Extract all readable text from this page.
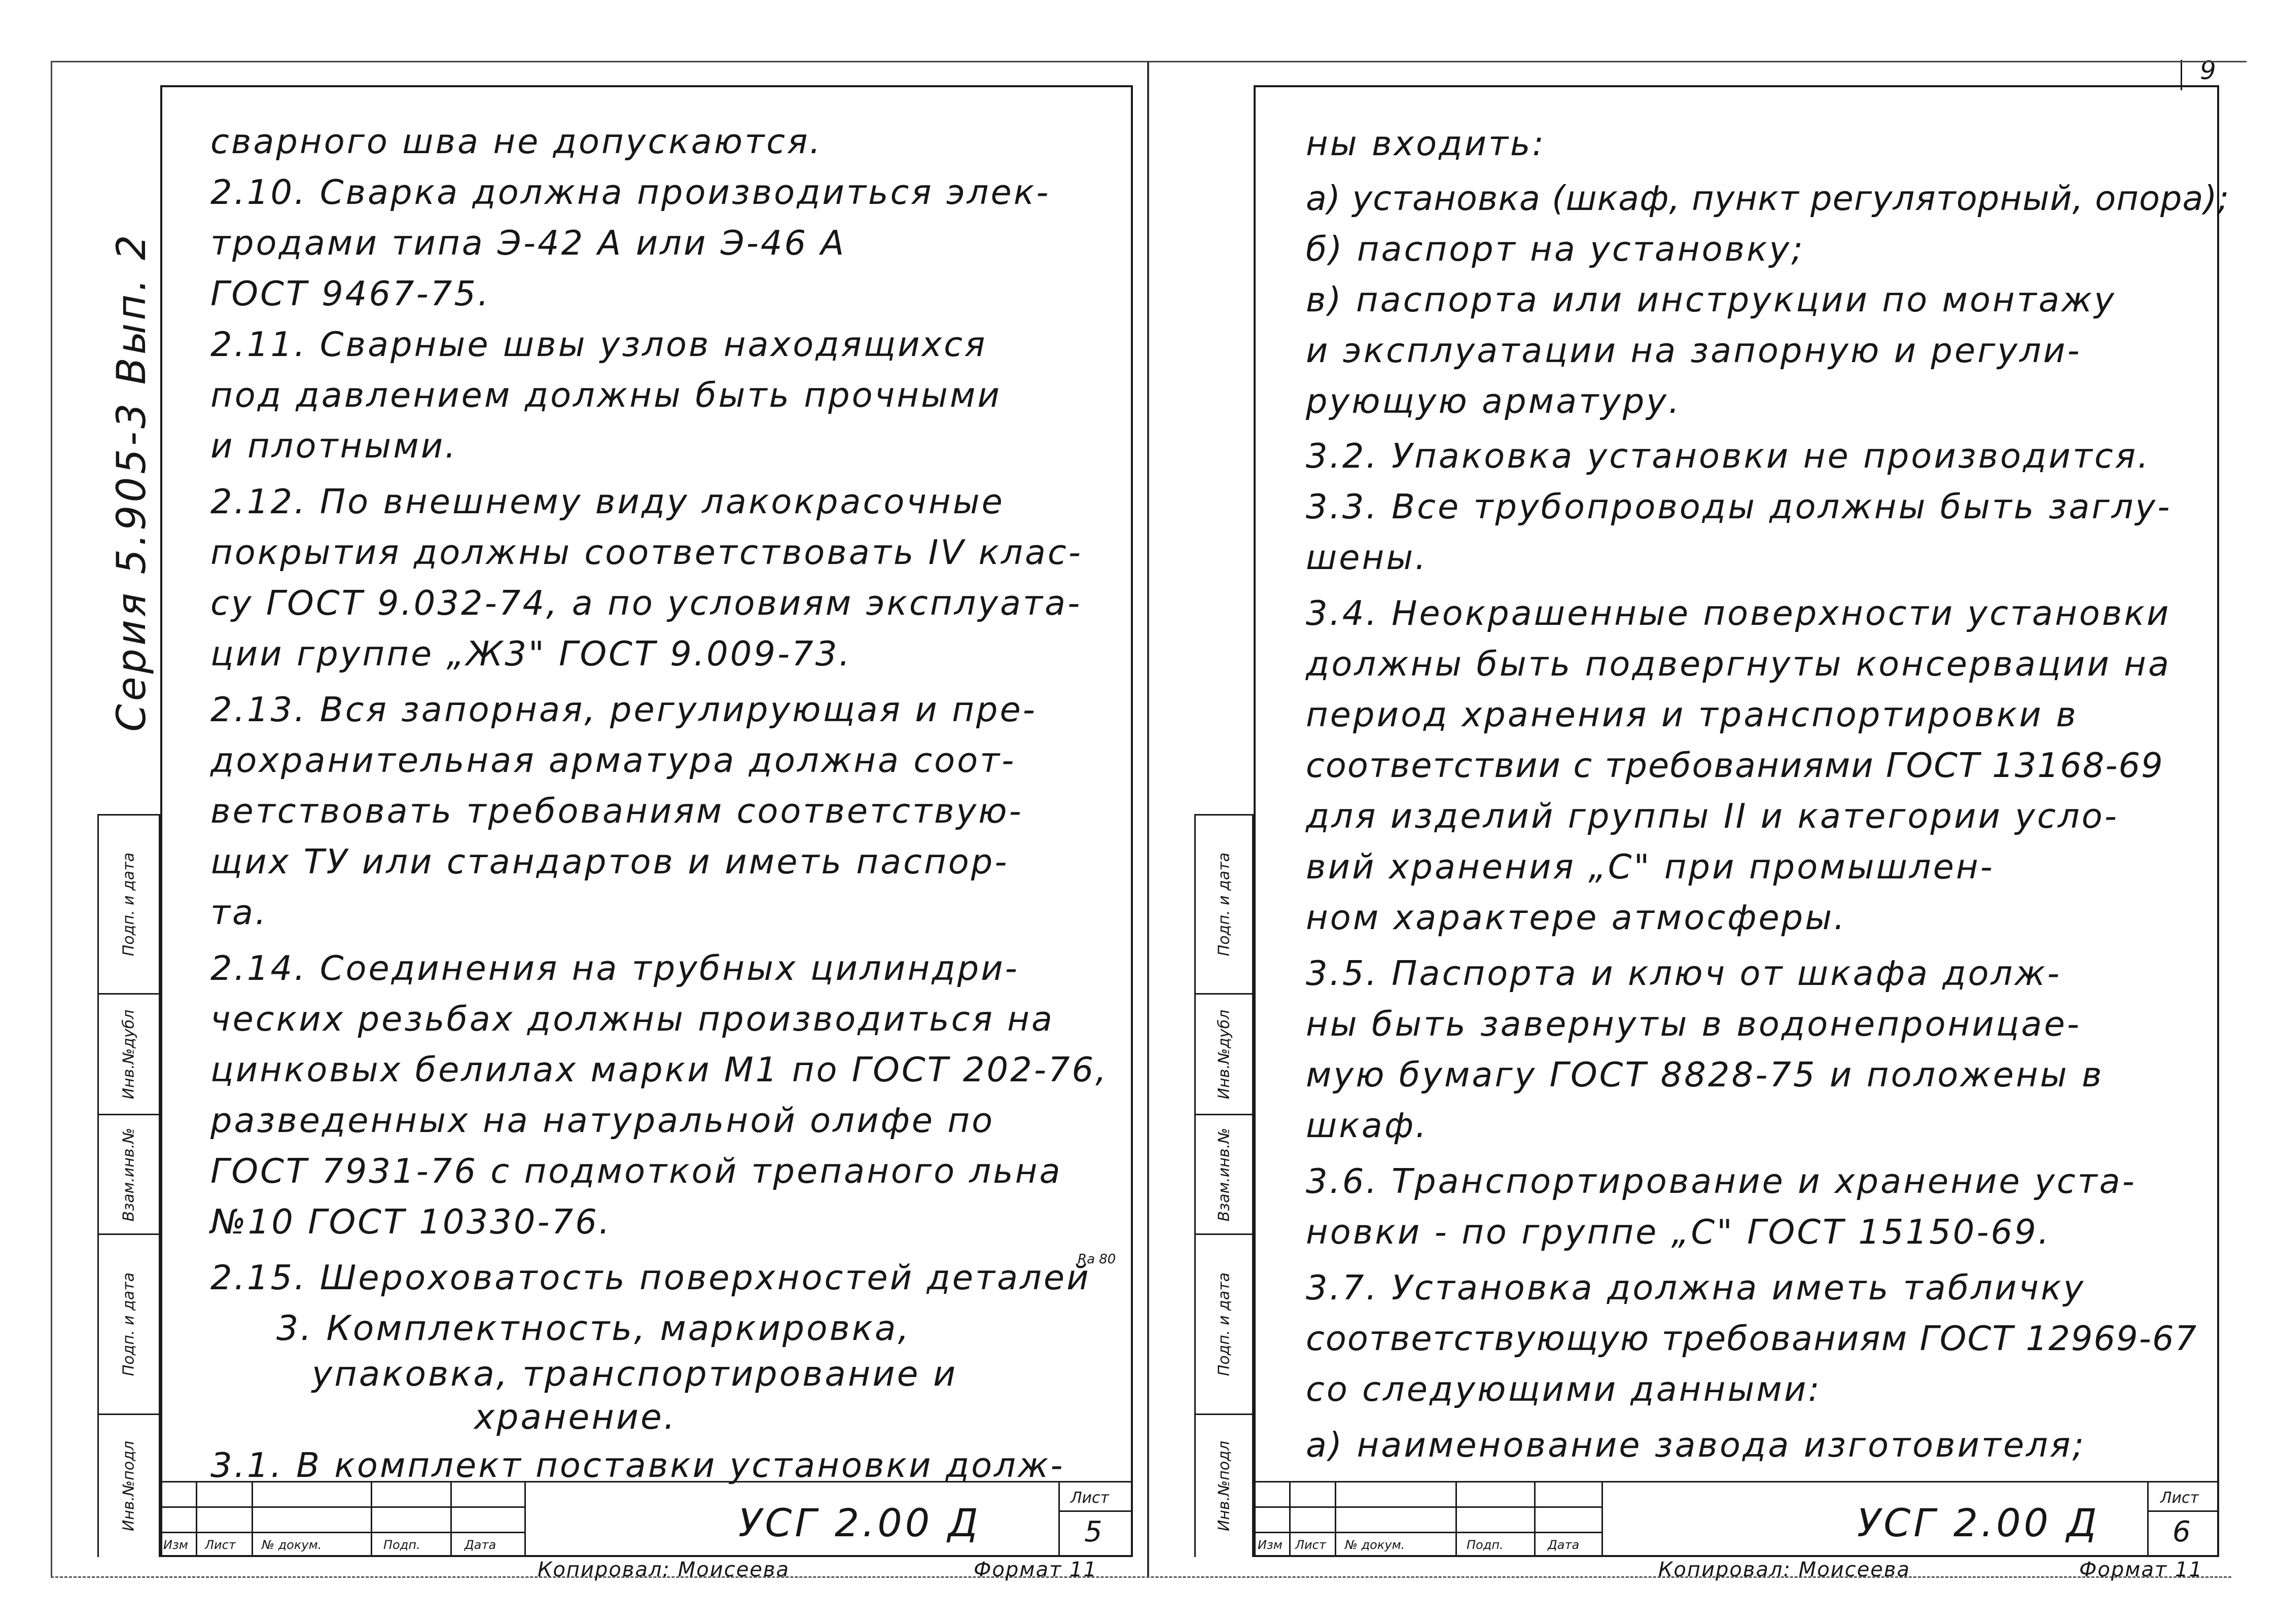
9
сварного шва не допускаются.
2.10. Сварка должна производиться элек-
тродами типа Э-42 А или Э-46 А
ГОСТ 9467-75.
2.11. Сварные швы узлов находящихся
под давлением должны быть прочными
и плотными.
2.12. По внешнему виду лакокрасочные
покрытия должны соответствовать IV клас-
су ГОСТ 9.032-74, а по условиям эксплуата-
ции группе „Ж3" ГОСТ 9.009-73.
2.13. Вся запорная, регулирующая и пре-
дохранительная арматура должна соот-
ветствовать требованиям соответствую-
щих ТУ или стандартов и иметь паспор-
та.
2.14. Соединения на трубных цилиндри-
ческих резьбах должны производиться на
цинковых белилах марки М1 по ГОСТ 202-76,
разведенных на натуральной олифе по
ГОСТ 7931-76 с подмоткой трепаного льна
№10 ГОСТ 10330-76.
2.15. Шероховатость поверхностей деталей
Ra 80
3. Комплектность, маркировка,
упаковка, транспортирование и
хранение.
3.1. В комплект поставки установки долж-
Серия 5.905-3 Вып. 2
Подп. и дата
Инв.№дубл
Взам.инв.№
Подп. и дата
Инв.№подл
Изм Лист № докум.	Подп.	Дата	УСГ 2.00 Д
Лист
5
Копировал: Моисеева	Формат 11
ны входить:
а) установка (шкаф, пункт регуляторный, опора);
б) паспорт на установку;
в) паспорта или инструкции по монтажу
и эксплуатации на запорную и регули-
рующую арматуру.
3.2. Упаковка установки не производится.
3.3. Все трубопроводы должны быть заглу-
шены.
3.4. Неокрашенные поверхности установки
должны быть подвергнуты консервации на
период хранения и транспортировки в
соответствии с требованиями ГОСТ 13168-69
для изделий группы II и категории усло-
вий хранения „С" при промышлен-
ном характере атмосферы.
3.5. Паспорта и ключ от шкафа долж-
ны быть завернуты в водонепроницае-
мую бумагу ГОСТ 8828-75 и положены в
шкаф.
3.6. Транспортирование и хранение уста-
новки - по группе „С" ГОСТ 15150-69.
3.7. Установка должна иметь табличку
соответствующую требованиям ГОСТ 12969-67
со следующими данными:
а) наименование завода изготовителя;
Подп. и дата
Инв.№дубл
Взам.инв.№
Подп. и дата
Инв.№подл
Изм Лист № докум.	Подп.	Дата	УСГ 2.00 Д
Лист
6
Копировал: Моисеева	Формат 11
